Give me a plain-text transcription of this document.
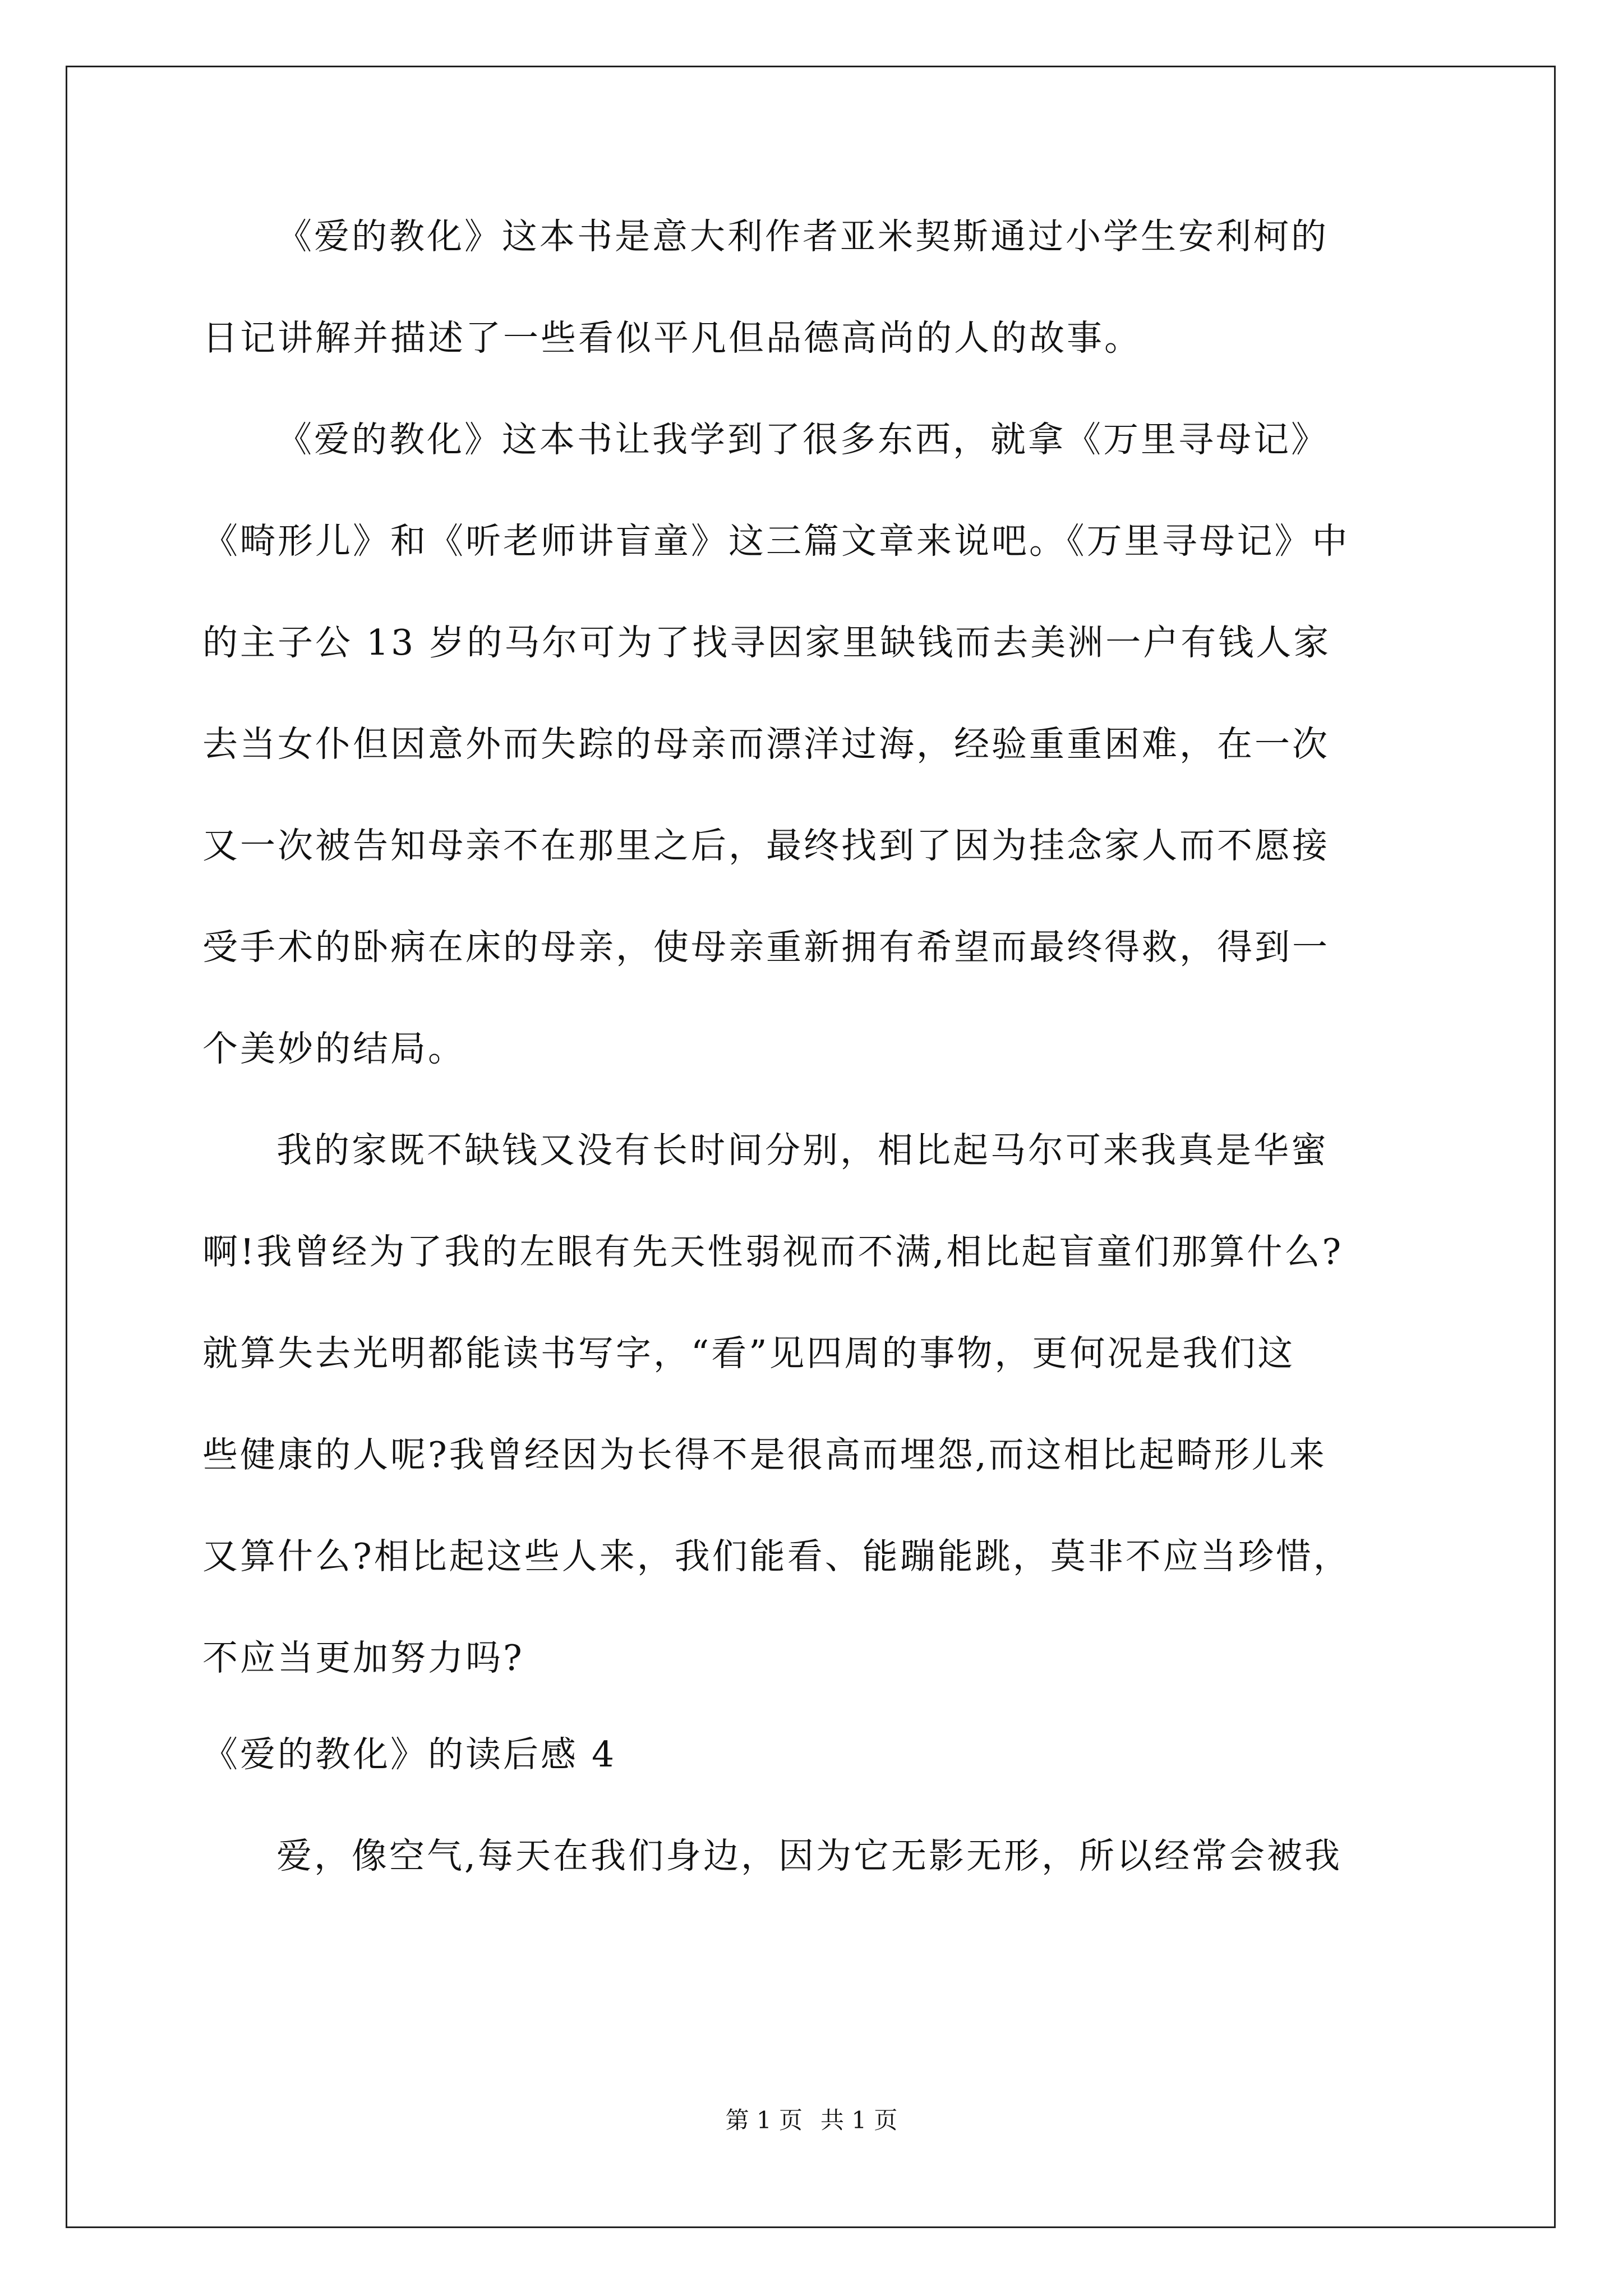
《爱的教化》这本书是意大利作者亚米契斯通过小学生安利柯的
日记讲解并描述了一些看似平凡但品德高尚的人的故事。
《爱的教化》这本书让我学到了很多东西，就拿《万里寻母记》
《畸形儿》和《听老师讲盲童》这三篇文章来说吧。《万里寻母记》中
的主子公 13 岁的马尔可为了找寻因家里缺钱而去美洲一户有钱人家
去当女仆但因意外而失踪的母亲而漂洋过海，经验重重困难，在一次
又一次被告知母亲不在那里之后，最终找到了因为挂念家人而不愿接
受手术的卧病在床的母亲，使母亲重新拥有希望而最终得救，得到一
个美妙的结局。
我的家既不缺钱又没有长时间分别，相比起马尔可来我真是华蜜
啊!我曾经为了我的左眼有先天性弱视而不满,相比起盲童们那算什么?
就算失去光明都能读书写字，“看”见四周的事物，更何况是我们这
些健康的人呢?我曾经因为长得不是很高而埋怨,而这相比起畸形儿来
又算什么?相比起这些人来，我们能看、能蹦能跳，莫非不应当珍惜，
不应当更加努力吗?
《爱的教化》的读后感 4
爱，像空气,每天在我们身边，因为它无影无形，所以经常会被我
第 1 页 共 1 页
